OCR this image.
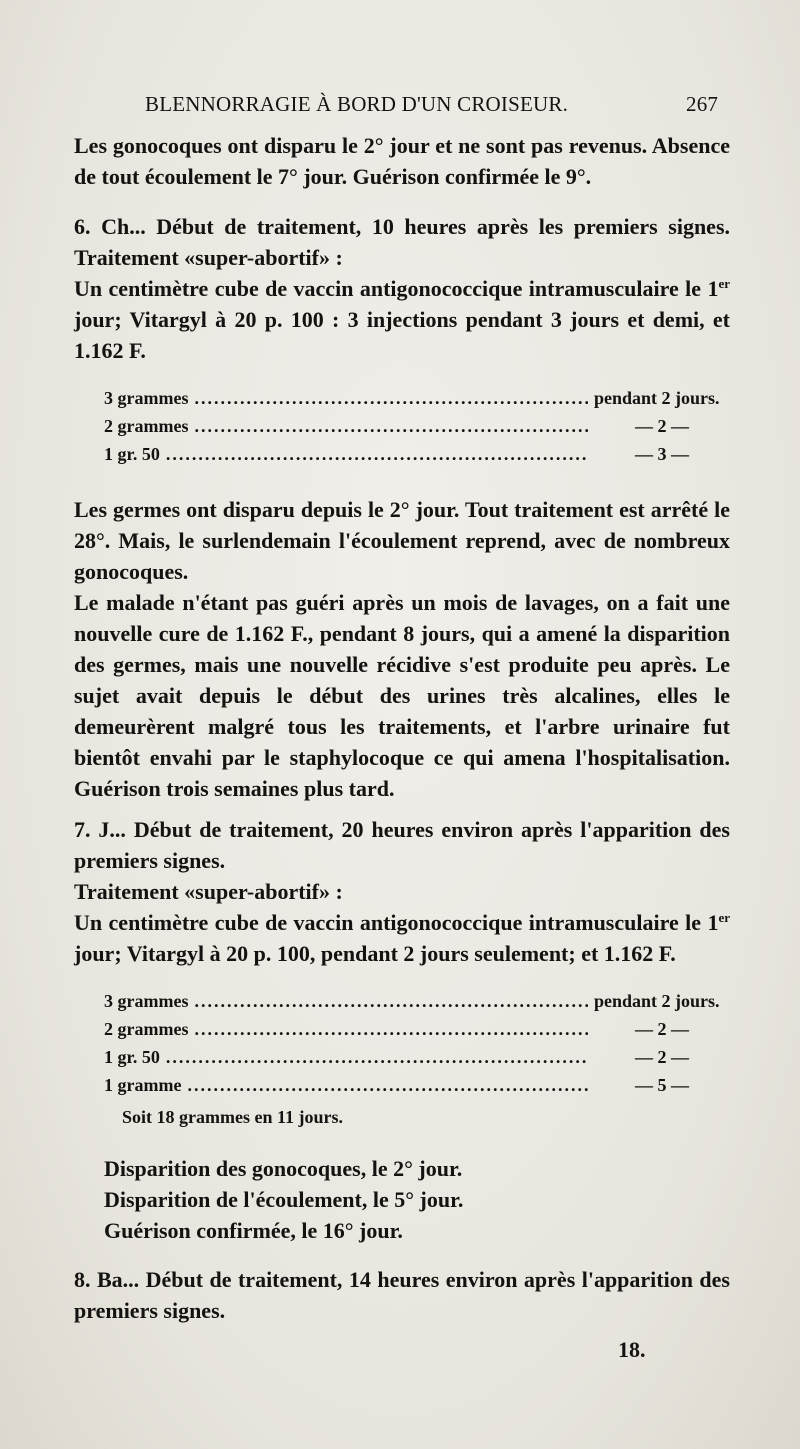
BLENNORRAGIE À BORD D'UN CROISEUR.	267

Les gonocoques ont disparu le 2° jour et ne sont pas revenus. Absence de tout écoulement le 7° jour. Guérison confirmée le 9°.

6. Ch... Début de traitement, 10 heures après les premiers signes. Traitement «super-abortif» :

Un centimètre cube de vaccin antigonococcique intramusculaire le 1er jour; Vitargyl à 20 p. 100 : 3 injections pendant 3 jours et demi, et 1.162 F.

3 grammes .....	pendant 2 jours.
2 grammes .....	— 2 —
1 gr. 50 .....	— 3 —

Les germes ont disparu depuis le 2° jour. Tout traitement est arrêté le 28°. Mais, le surlendemain l'écoulement reprend, avec de nombreux gonocoques.

Le malade n'étant pas guéri après un mois de lavages, on a fait une nouvelle cure de 1.162 F., pendant 8 jours, qui a amené la disparition des germes, mais une nouvelle récidive s'est produite peu après. Le sujet avait depuis le début des urines très alcalines, elles le demeurèrent malgré tous les traitements, et l'arbre urinaire fut bientôt envahi par le staphylocoque ce qui amena l'hospitalisation. Guérison trois semaines plus tard.

7. J... Début de traitement, 20 heures environ après l'apparition des premiers signes.

Traitement «super-abortif» :

Un centimètre cube de vaccin antigonococcique intramusculaire le 1er jour; Vitargyl à 20 p. 100, pendant 2 jours seulement; et 1.162 F.

3 grammes .....	pendant 2 jours.
2 grammes .....	— 2 —
1 gr. 50 .....	— 2 —
1 gramme .....	— 5 —
Soit 18 grammes en 11 jours.

Disparition des gonocoques, le 2° jour.

Disparition de l'écoulement, le 5° jour.

Guérison confirmée, le 16° jour.

8. Ba... Début de traitement, 14 heures environ après l'apparition des premiers signes.

18.
